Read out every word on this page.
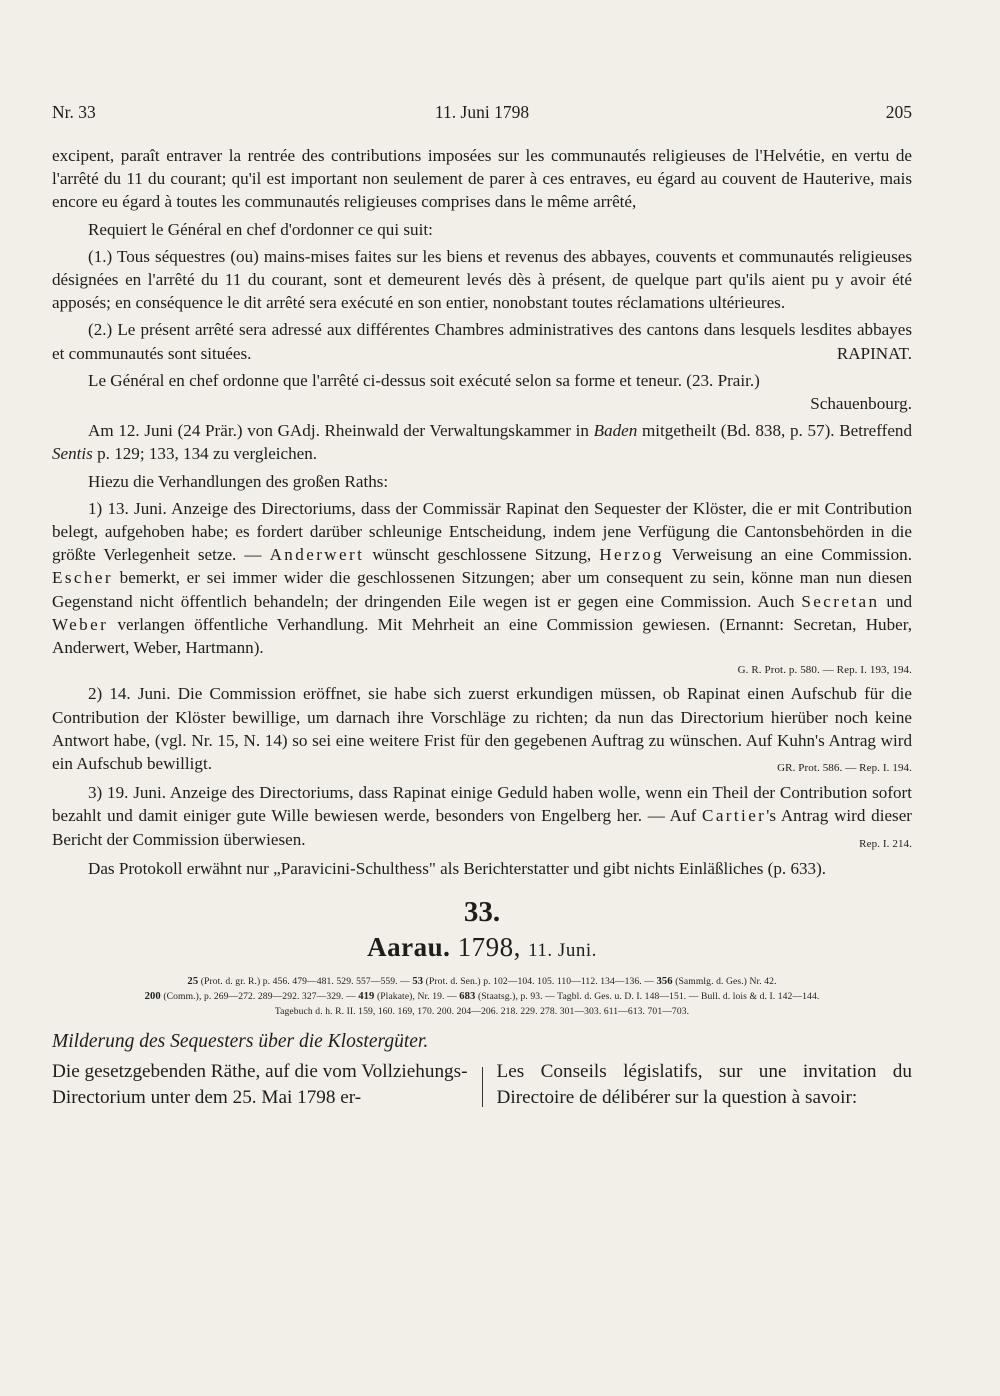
Nr. 33	11. Juni 1798	205

excipent, paraît entraver la rentrée des contributions imposées sur les communautés religieuses de l'Helvétie, en vertu de l'arrêté du 11 du courant; qu'il est important non seulement de parer à ces entraves, eu égard au couvent de Hauterive, mais encore eu égard à toutes les communautés religieuses comprises dans le même arrêté,

Requiert le Général en chef d'ordonner ce qui suit:

(1.) Tous séquestres (ou) mains-mises faites sur les biens et revenus des abbayes, couvents et communautés religieuses désignées en l'arrêté du 11 du courant, sont et demeurent levés dès à présent, de quelque part qu'ils aient pu y avoir été apposés; en conséquence le dit arrêté sera exécuté en son entier, nonobstant toutes réclamations ultérieures.

(2.) Le présent arrêté sera adressé aux différentes Chambres administratives des cantons dans lesquels lesdites abbayes et communautés sont situées.	RAPINAT.

Le Général en chef ordonne que l'arrêté ci-dessus soit exécuté selon sa forme et teneur. (23. Prair.)

Schauenbourg.

Am 12. Juni (24 Prär.) von GAdj. Rheinwald der Verwaltungskammer in Baden mitgetheilt (Bd. 838, p. 57). Betreffend Sentis p. 129; 133, 134 zu vergleichen.

Hiezu die Verhandlungen des großen Raths:

1) 13. Juni. Anzeige des Directoriums, dass der Commissär Rapinat den Sequester der Klöster, die er mit Contribution belegt, aufgehoben habe; es fordert darüber schleunige Entscheidung, indem jene Verfügung die Cantonsbehörden in die größte Verlegenheit setze. — Anderwert wünscht geschlossene Sitzung, Herzog Verweisung an eine Commission. Escher bemerkt, er sei immer wider die geschlossenen Sitzungen; aber um consequent zu sein, könne man nun diesen Gegenstand nicht öffentlich behandeln; der dringenden Eile wegen ist er gegen eine Commission. Auch Secretan und Weber verlangen öffentliche Verhandlung. Mit Mehrheit an eine Commission gewiesen. (Ernannt: Secretan, Huber, Anderwert, Weber, Hartmann).

G. R. Prot. p. 580. — Rep. I. 193, 194.

2) 14. Juni. Die Commission eröffnet, sie habe sich zuerst erkundigen müssen, ob Rapinat einen Aufschub für die Contribution der Klöster bewillige, um darnach ihre Vorschläge zu richten; da nun das Directorium hierüber noch keine Antwort habe, (vgl. Nr. 15, N. 14) so sei eine weitere Frist für den gegebenen Auftrag zu wünschen. Auf Kuhn's Antrag wird ein Aufschub bewilligt.	GR. Prot. 586. — Rep. I. 194.

3) 19. Juni. Anzeige des Directoriums, dass Rapinat einige Geduld haben wolle, wenn ein Theil der Contribution sofort bezahlt und damit einiger gute Wille bewiesen werde, besonders von Engelberg her. — Auf Cartier's Antrag wird dieser Bericht der Commission überwiesen.	Rep. I. 214.

Das Protokoll erwähnt nur „Paravicini-Schulthess" als Berichterstatter und gibt nichts Einläßliches (p. 633).

33.
Aarau. 1798, 11. Juni.
25 (Prot. d. gr. R.) p. 456. 479—481. 529. 557—559. — 53 (Prot. d. Sen.) p. 102—104. 105. 110—112. 134—136. — 356 (Sammlg. d. Ges.) Nr. 42.
200 (Comm.), p. 269—272. 289—292. 327—329. — 419 (Plakate), Nr. 19. — 683 (Staatsg.), p. 93. — Tagbl. d. Ges. u. D. I. 148—151. — Bull. d. lois & d. I. 142—144.
Tagebuch d. h. R. II. 159, 160. 169, 170. 200. 204—206. 218. 229. 278. 301—303. 611—613. 701—703.
Milderung des Sequesters über die Klostergüter.
Die gesetzgebenden Räthe, auf die vom Vollziehungs-Directorium unter dem 25. Mai 1798 er-
Les Conseils législatifs, sur une invitation du Directoire de délibérer sur la question à savoir:
